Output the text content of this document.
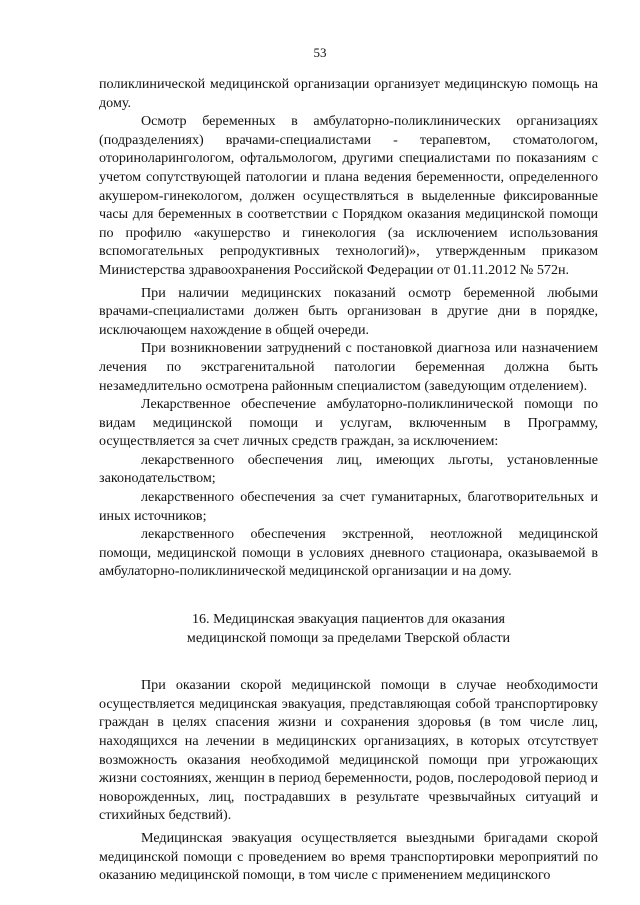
53

поликлинической медицинской организации организует медицинскую помощь на дому.

Осмотр беременных в амбулаторно-поликлинических организациях (подразделениях) врачами-специалистами - терапевтом, стоматологом, оториноларингологом, офтальмологом, другими специалистами по показаниям с учетом сопутствующей патологии и плана ведения беременности, определенного акушером-гинекологом, должен осуществляться в выделенные фиксированные часы для беременных в соответствии с Порядком оказания медицинской помощи по профилю «акушерство и гинекология (за исключением использования вспомогательных репродуктивных технологий)», утвержденным приказом Министерства здравоохранения Российской Федерации от 01.11.2012 № 572н.

При наличии медицинских показаний осмотр беременной любыми врачами-специалистами должен быть организован в другие дни в порядке, исключающем нахождение в общей очереди.

При возникновении затруднений с постановкой диагноза или назначением лечения по экстрагенитальной патологии беременная должна быть незамедлительно осмотрена районным специалистом (заведующим отделением).

Лекарственное обеспечение амбулаторно-поликлинической помощи по видам медицинской помощи и услугам, включенным в Программу, осуществляется за счет личных средств граждан, за исключением:

лекарственного обеспечения лиц, имеющих льготы, установленные законодательством;

лекарственного обеспечения за счет гуманитарных, благотворительных и иных источников;

лекарственного обеспечения экстренной, неотложной медицинской помощи, медицинской помощи в условиях дневного стационара, оказываемой в амбулаторно-поликлинической медицинской организации и на дому.

16. Медицинская эвакуация пациентов для оказания
медицинской помощи за пределами Тверской области

При оказании скорой медицинской помощи в случае необходимости осуществляется медицинская эвакуация, представляющая собой транспортировку граждан в целях спасения жизни и сохранения здоровья (в том числе лиц, находящихся на лечении в медицинских организациях, в которых отсутствует возможность оказания необходимой медицинской помощи при угрожающих жизни состояниях, женщин в период беременности, родов, послеродовой период и новорожденных, лиц, пострадавших в результате чрезвычайных ситуаций и стихийных бедствий).

Медицинская эвакуация осуществляется выездными бригадами скорой медицинской помощи с проведением во время транспортировки мероприятий по оказанию медицинской помощи, в том числе с применением медицинского
